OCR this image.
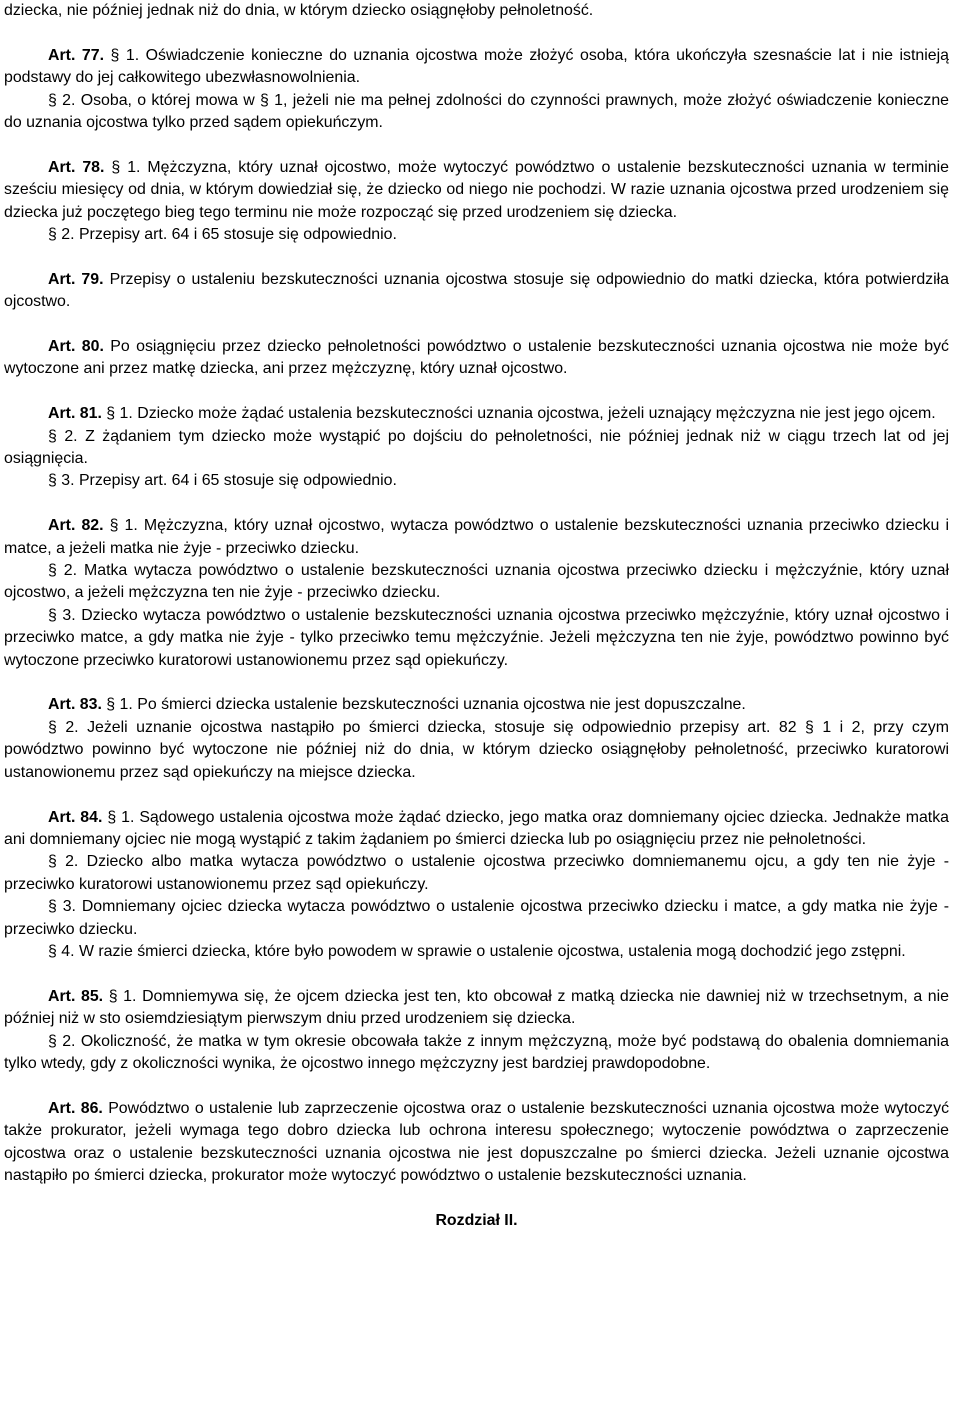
dziecka, nie później jednak niż do dnia, w którym dziecko osiągnęłoby pełnoletność.

Art. 77. § 1. Oświadczenie konieczne do uznania ojcostwa może złożyć osoba, która ukończyła szesnaście lat i nie istnieją podstawy do jej całkowitego ubezwłasnowolnienia.

§ 2. Osoba, o której mowa w § 1, jeżeli nie ma pełnej zdolności do czynności prawnych, może złożyć oświadczenie konieczne do uznania ojcostwa tylko przed sądem opiekuńczym.

Art. 78. § 1. Mężczyzna, który uznał ojcostwo, może wytoczyć powództwo o ustalenie bezskuteczności uznania w terminie sześciu miesięcy od dnia, w którym dowiedział się, że dziecko od niego nie pochodzi. W razie uznania ojcostwa przed urodzeniem się dziecka już poczętego bieg tego terminu nie może rozpocząć się przed urodzeniem się dziecka.

§ 2. Przepisy art. 64 i 65 stosuje się odpowiednio.

Art. 79. Przepisy o ustaleniu bezskuteczności uznania ojcostwa stosuje się odpowiednio do matki dziecka, która potwierdziła ojcostwo.

Art. 80. Po osiągnięciu przez dziecko pełnoletności powództwo o ustalenie bezskuteczności uznania ojcostwa nie może być wytoczone ani przez matkę dziecka, ani przez mężczyznę, który uznał ojcostwo.

Art. 81. § 1. Dziecko może żądać ustalenia bezskuteczności uznania ojcostwa, jeżeli uznający mężczyzna nie jest jego ojcem.

§ 2. Z żądaniem tym dziecko może wystąpić po dojściu do pełnoletności, nie później jednak niż w ciągu trzech lat od jej osiągnięcia.

§ 3. Przepisy art. 64 i 65 stosuje się odpowiednio.

Art. 82. § 1. Mężczyzna, który uznał ojcostwo, wytacza powództwo o ustalenie bezskuteczności uznania przeciwko dziecku i matce, a jeżeli matka nie żyje - przeciwko dziecku.

§ 2. Matka wytacza powództwo o ustalenie bezskuteczności uznania ojcostwa przeciwko dziecku i mężczyźnie, który uznał ojcostwo, a jeżeli mężczyzna ten nie żyje - przeciwko dziecku.

§ 3. Dziecko wytacza powództwo o ustalenie bezskuteczności uznania ojcostwa przeciwko mężczyźnie, który uznał ojcostwo i przeciwko matce, a gdy matka nie żyje - tylko przeciwko temu mężczyźnie. Jeżeli mężczyzna ten nie żyje, powództwo powinno być wytoczone przeciwko kuratorowi ustanowionemu przez sąd opiekuńczy.

Art. 83. § 1. Po śmierci dziecka ustalenie bezskuteczności uznania ojcostwa nie jest dopuszczalne.

§ 2. Jeżeli uznanie ojcostwa nastąpiło po śmierci dziecka, stosuje się odpowiednio przepisy art. 82 § 1 i 2, przy czym powództwo powinno być wytoczone nie później niż do dnia, w którym dziecko osiągnęłoby pełnoletność, przeciwko kuratorowi ustanowionemu przez sąd opiekuńczy na miejsce dziecka.

Art. 84. § 1. Sądowego ustalenia ojcostwa może żądać dziecko, jego matka oraz domniemany ojciec dziecka. Jednakże matka ani domniemany ojciec nie mogą wystąpić z takim żądaniem po śmierci dziecka lub po osiągnięciu przez nie pełnoletności.

§ 2. Dziecko albo matka wytacza powództwo o ustalenie ojcostwa przeciwko domniemanemu ojcu, a gdy ten nie żyje - przeciwko kuratorowi ustanowionemu przez sąd opiekuńczy.

§ 3. Domniemany ojciec dziecka wytacza powództwo o ustalenie ojcostwa przeciwko dziecku i matce, a gdy matka nie żyje - przeciwko dziecku.

§ 4. W razie śmierci dziecka, które było powodem w sprawie o ustalenie ojcostwa, ustalenia mogą dochodzić jego zstępni.

Art. 85. § 1. Domniemywa się, że ojcem dziecka jest ten, kto obcował z matką dziecka nie dawniej niż w trzechsetnym, a nie później niż w sto osiemdziesiątym pierwszym dniu przed urodzeniem się dziecka.

§ 2. Okoliczność, że matka w tym okresie obcowała także z innym mężczyzną, może być podstawą do obalenia domniemania tylko wtedy, gdy z okoliczności wynika, że ojcostwo innego mężczyzny jest bardziej prawdopodobne.

Art. 86. Powództwo o ustalenie lub zaprzeczenie ojcostwa oraz o ustalenie bezskuteczności uznania ojcostwa może wytoczyć także prokurator, jeżeli wymaga tego dobro dziecka lub ochrona interesu społecznego; wytoczenie powództwa o zaprzeczenie ojcostwa oraz o ustalenie bezskuteczności uznania ojcostwa nie jest dopuszczalne po śmierci dziecka. Jeżeli uznanie ojcostwa nastąpiło po śmierci dziecka, prokurator może wytoczyć powództwo o ustalenie bezskuteczności uznania.

Rozdział II.
